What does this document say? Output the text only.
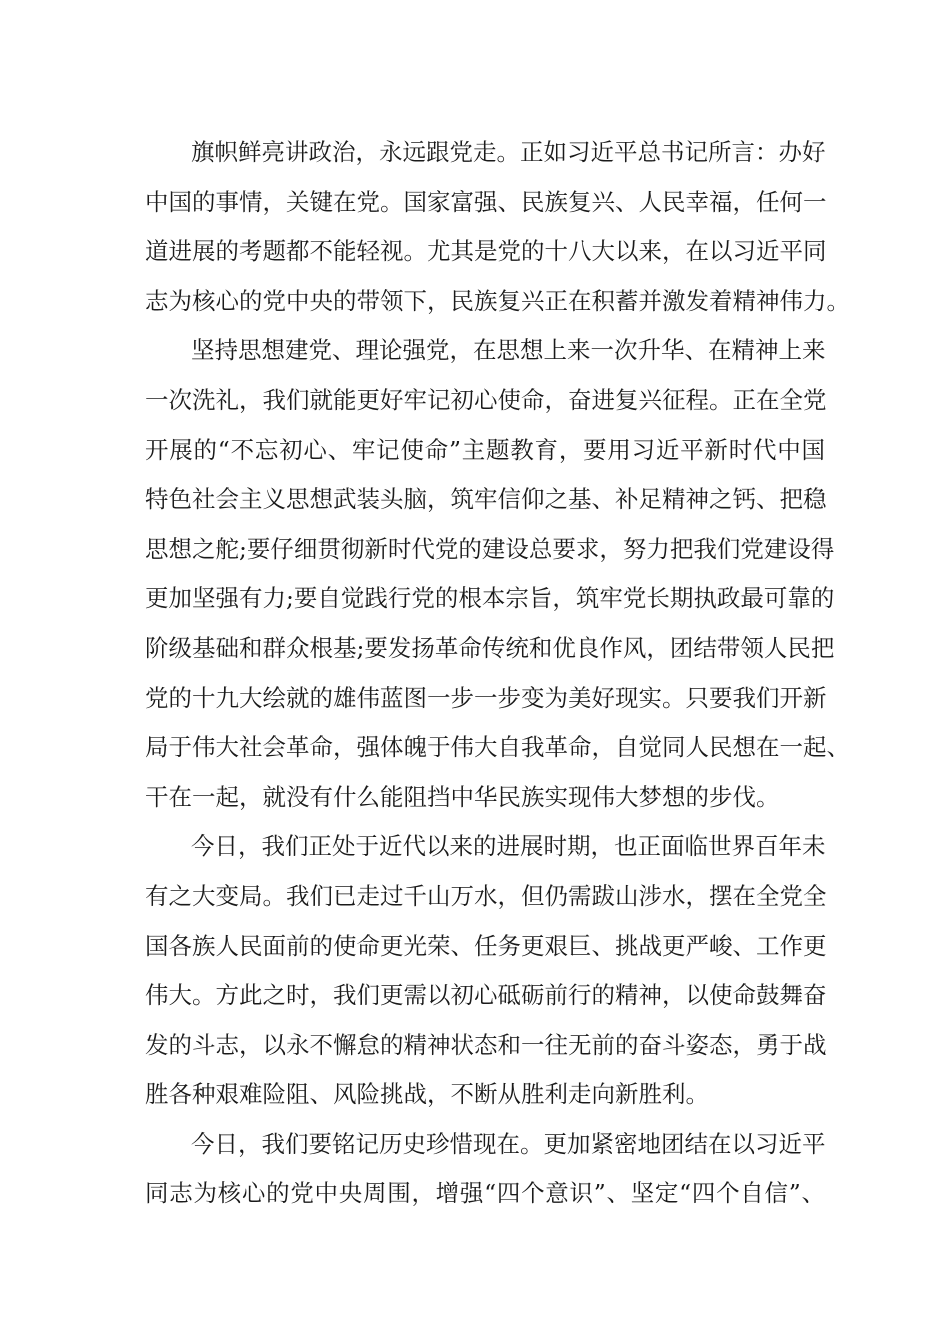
旗帜鲜亮讲政治，永远跟党走。正如习近平总书记所言：办好
中国的事情，关键在党。国家富强、民族复兴、人民幸福，任何一
道进展的考题都不能轻视。尤其是党的十八大以来，在以习近平同
志为核心的党中央的带领下，民族复兴正在积蓄并激发着精神伟力。
坚持思想建党、理论强党，在思想上来一次升华、在精神上来
一次洗礼，我们就能更好牢记初心使命，奋进复兴征程。正在全党
开展的“不忘初心、牢记使命”主题教育，要用习近平新时代中国
特色社会主义思想武装头脑，筑牢信仰之基、补足精神之钙、把稳
思想之舵;要仔细贯彻新时代党的建设总要求，努力把我们党建设得
更加坚强有力;要自觉践行党的根本宗旨，筑牢党长期执政最可靠的
阶级基础和群众根基;要发扬革命传统和优良作风，团结带领人民把
党的十九大绘就的雄伟蓝图一步一步变为美好现实。只要我们开新
局于伟大社会革命，强体魄于伟大自我革命，自觉同人民想在一起、
干在一起，就没有什么能阻挡中华民族实现伟大梦想的步伐。
今日，我们正处于近代以来的进展时期，也正面临世界百年未
有之大变局。我们已走过千山万水，但仍需跋山涉水，摆在全党全
国各族人民面前的使命更光荣、任务更艰巨、挑战更严峻、工作更
伟大。方此之时，我们更需以初心砥砺前行的精神，以使命鼓舞奋
发的斗志，以永不懈怠的精神状态和一往无前的奋斗姿态，勇于战
胜各种艰难险阻、风险挑战，不断从胜利走向新胜利。
今日，我们要铭记历史珍惜现在。更加紧密地团结在以习近平
同志为核心的党中央周围，增强“四个意识”、坚定“四个自信”、
